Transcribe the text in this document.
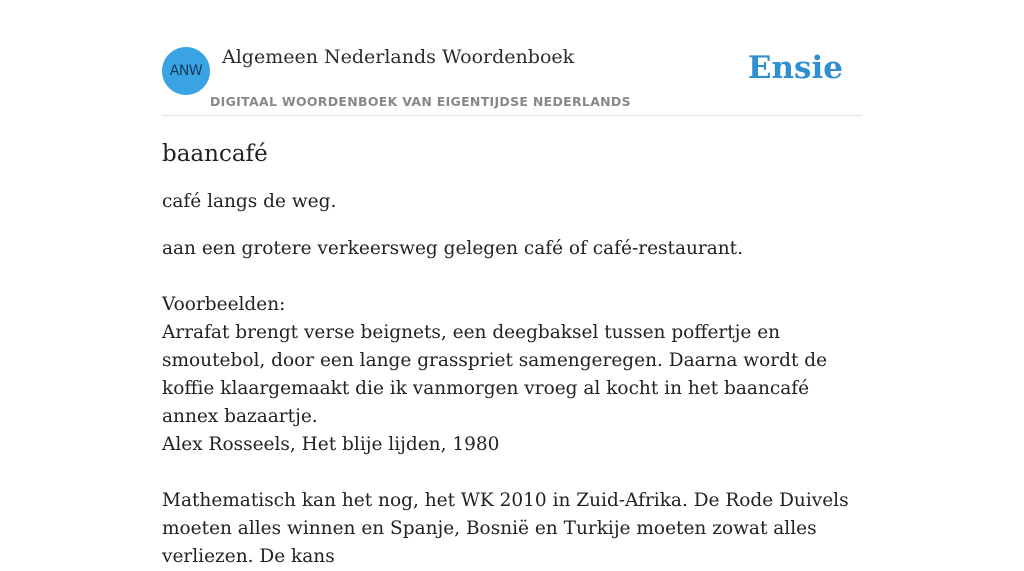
ANW
Algemeen Nederlands Woordenboek
DIGITAAL WOORDENBOEK VAN EIGENTIJDSE NEDERLANDS
Ensie
baancafé

café langs de weg.

aan een grotere verkeersweg gelegen café of café-restaurant.

Voorbeelden:

Arrafat brengt verse beignets, een deegbaksel tussen poffertje en smoutebol, door een lange grasspriet samengeregen. Daarna wordt de koffie klaargemaakt die ik vanmorgen vroeg al kocht in het baancafé annex bazaartje.

Alex Rosseels, Het blije lijden, 1980

Mathematisch kan het nog, het WK 2010 in Zuid-Afrika. De Rode Duivels moeten alles winnen en Spanje, Bosnië en Turkije moeten zowat alles verliezen. De kans
